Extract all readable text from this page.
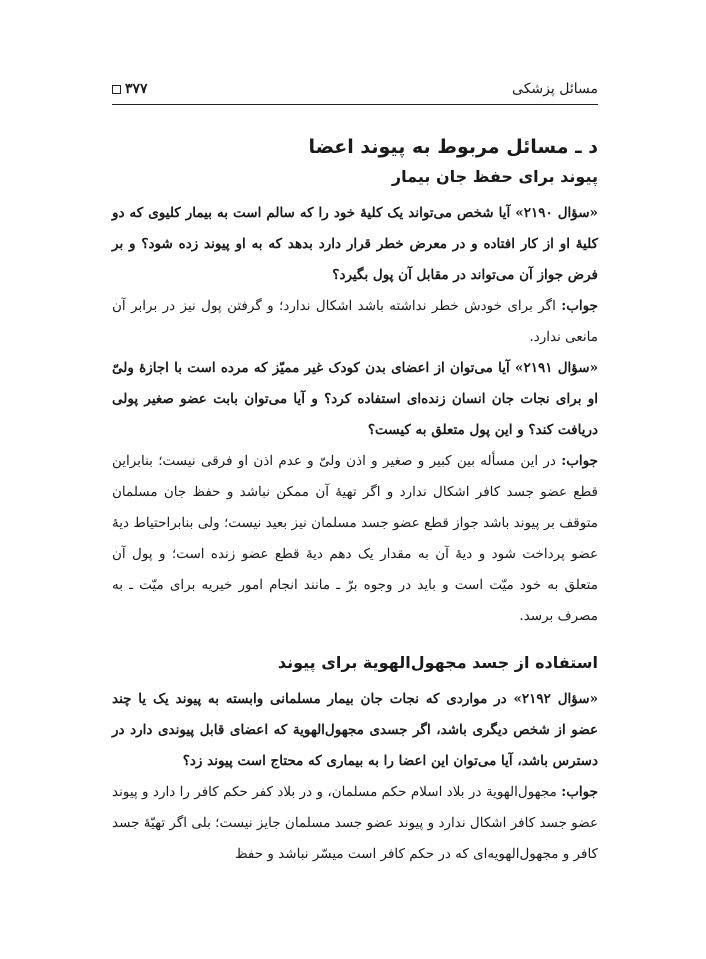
مسائل پزشکی
۳۷۷
د ـ مسائل مربوط به پیوند اعضا
پیوند برای حفظ جان بیمار

«سؤال ۲۱۹۰» آیا شخص می‌تواند یک کلیهٔ خود را که سالم است به بیمار کلیوی که دو کلیهٔ او از کار افتاده و در معرض خطر قرار دارد بدهد که به او پیوند زده شود؟ و بر فرض جواز آن می‌تواند در مقابل آن پول بگیرد؟

جواب: اگر برای خودش خطر نداشته باشد اشکال ندارد؛ و گرفتن پول نیز در برابر آن مانعی ندارد.

«سؤال ۲۱۹۱» آیا می‌توان از اعضای بدن کودک غیر ممیّز که مرده است با اجازهٔ ولیّ او برای نجات جان انسان زنده‌ای استفاده کرد؟ و آیا می‌توان بابت عضو صغیر پولی دریافت کند؟ و این پول متعلق به کیست؟

جواب: در این مسأله بین کبیر و صغیر و اذن ولیّ و عدم اذن او فرقی نیست؛ بنابراین قطع عضو جسد کافر اشکال ندارد و اگر تهیهٔ آن ممکن نباشد و حفظ جان مسلمان متوقف بر پیوند باشد جواز قطع عضو جسد مسلمان نیز بعید نیست؛ ولی بنابراحتیاط دیهٔ عضو پرداخت شود و دیهٔ آن به مقدار یک دهم دیهٔ قطع عضو زنده است؛ و پول آن متعلق به خود میّت است و باید در وجوه برّ ـ مانند انجام امور خیریه برای میّت ـ به مصرف برسد.

استفاده از جسد مجهول‌الهویة برای پیوند

«سؤال ۲۱۹۲» در مواردی که نجات جان بیمار مسلمانی وابسته به پیوند یک یا چند عضو از شخص دیگری باشد، اگر جسدی مجهول‌الهویة که اعضای قابل پیوندی دارد در دسترس باشد، آیا می‌توان این اعضا را به بیماری که محتاج است پیوند زد؟

جواب: مجهول‌الهویة در بلاد اسلام حکم مسلمان، و در بلاد کفر حکم کافر را دارد و پیوند عضو جسد کافر اشکال ندارد و پیوند عضو جسد مسلمان جایز نیست؛ بلی اگر تهیّهٔ جسد کافر و مجهول‌الهویه‌ای که در حکم کافر است میسّر نباشد و حفظ
